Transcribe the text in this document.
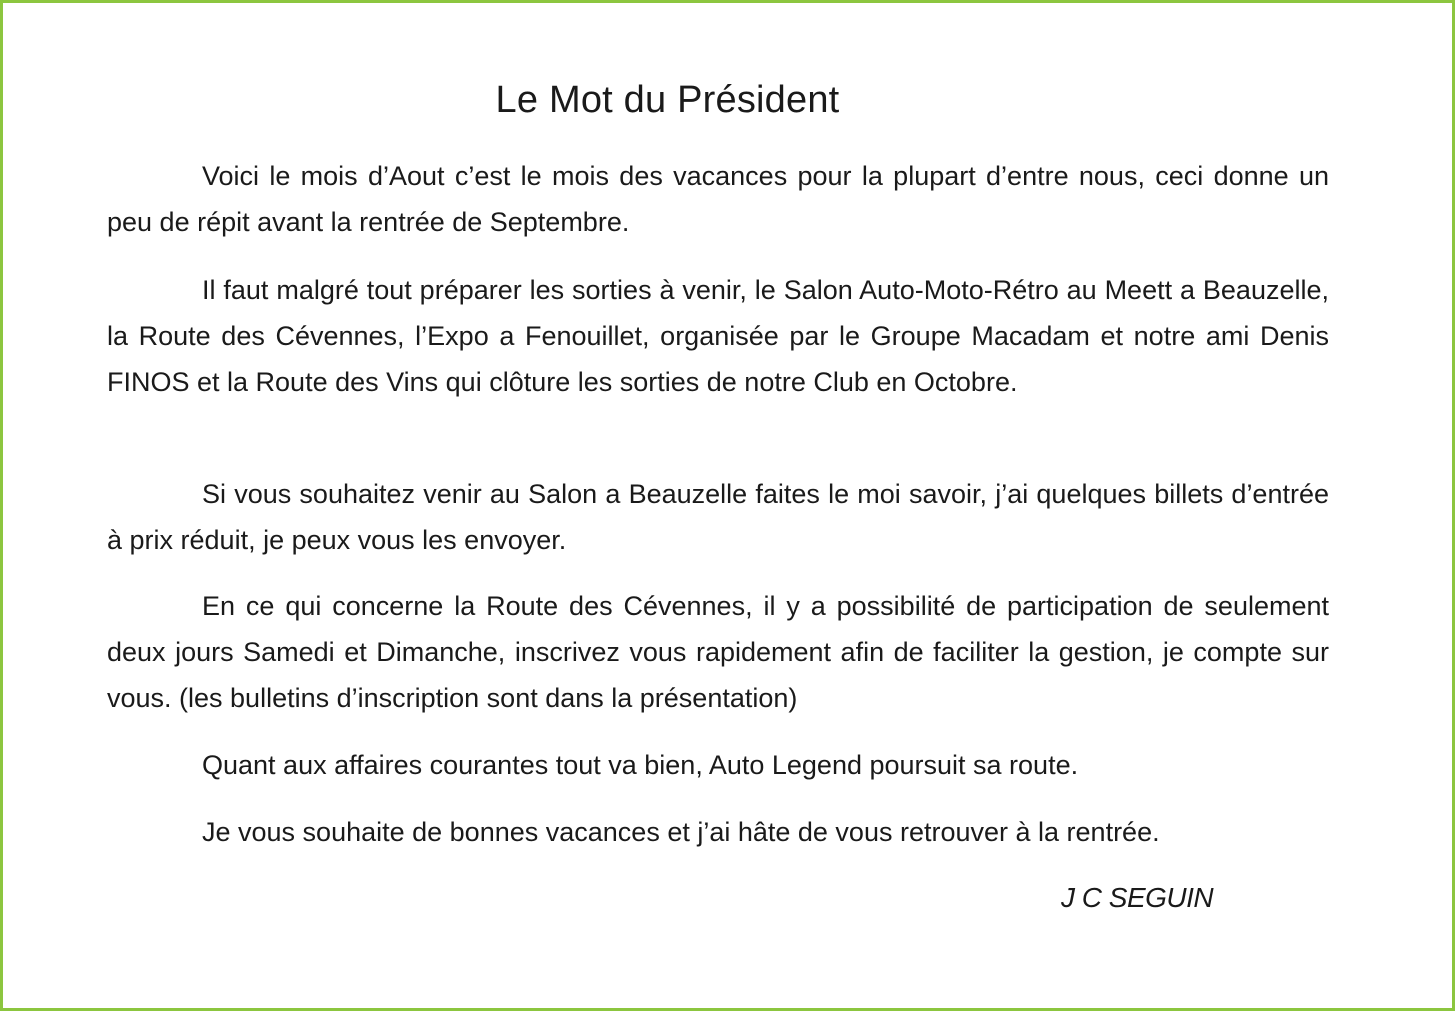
Le Mot du Président

Voici le mois d’Aout c’est le mois des vacances pour la plupart d’entre nous, ceci donne un peu de répit avant la rentrée de Septembre.

Il faut malgré tout préparer les sorties à venir, le Salon Auto-Moto-Rétro au Meett a Beauzelle, la Route des Cévennes, l’Expo a Fenouillet, organisée par le Groupe Macadam et notre ami Denis FINOS et la Route des Vins qui clôture les sorties de notre Club en Octobre.

Si vous souhaitez venir au Salon a Beauzelle faites le moi savoir, j’ai quelques billets d’entrée à prix réduit, je peux vous les envoyer.

En ce qui concerne la Route des Cévennes, il y a possibilité de participation de seulement deux jours Samedi et Dimanche, inscrivez vous rapidement afin de faciliter la gestion, je compte sur vous. (les bulletins d’inscription sont dans la présentation)

Quant aux affaires courantes tout va bien, Auto Legend poursuit sa route.

Je vous souhaite de bonnes vacances et j’ai hâte de vous retrouver à la rentrée.

J C SEGUIN
